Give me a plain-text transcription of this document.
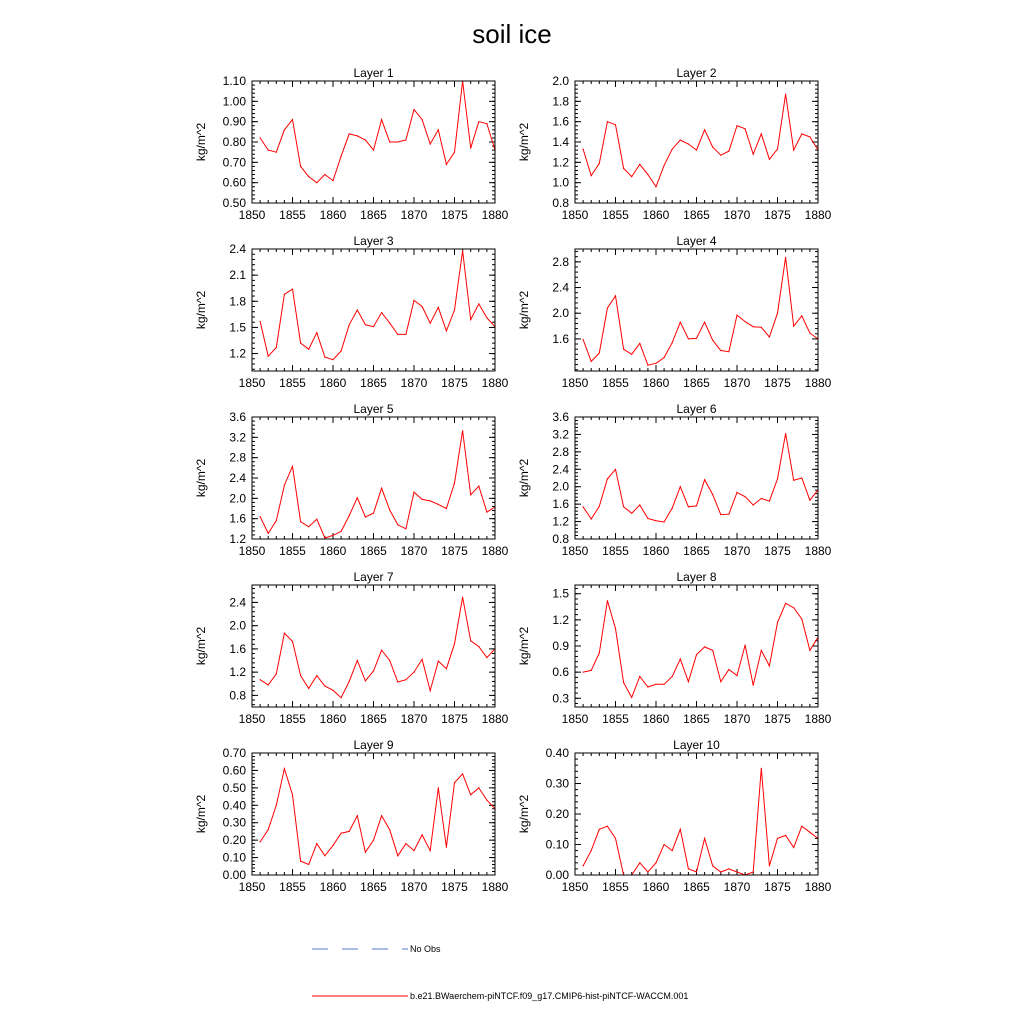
soil ice
Layer 1
1850 1855 1860 1865 1870 1875 1880
0.50
0.60
0.70
0.80
0.90
1.00
1.10
kg/m^2
Layer 2
1850 1855 1860 1865 1870 1875 1880
0.8
1.0
1.2
1.4
1.6
1.8
2.0
kg/m^2
Layer 3
1850 1855 1860 1865 1870 1875 1880
1.2
1.5
1.8
2.1
2.4
kg/m^2
Layer 4
1850 1855 1860 1865 1870 1875 1880
1.6
2.0
2.4
2.8
kg/m^2
Layer 5
1850 1855 1860 1865 1870 1875 1880
1.2
1.6
2.0
2.4
2.8
3.2
3.6
kg/m^2
Layer 6
1850 1855 1860 1865 1870 1875 1880
0.8
1.2
1.6
2.0
2.4
2.8
3.2
3.6
kg/m^2
Layer 7
1850 1855 1860 1865 1870 1875 1880
0.8
1.2
1.6
2.0
2.4
kg/m^2
Layer 8
1850 1855 1860 1865 1870 1875 1880
0.3
0.6
0.9
1.2
1.5
kg/m^2
Layer 9
1850 1855 1860 1865 1870 1875 1880
0.00
0.10
0.20
0.30
0.40
0.50
0.60
0.70
kg/m^2
Layer 10
1850 1855 1860 1865 1870 1875 1880
0.00
0.10
0.20
0.30
0.40
kg/m^2
No Obs
b.e21.BWaerchem-piNTCF.f09_g17.CMIP6-hist-piNTCF-WACCM.001
